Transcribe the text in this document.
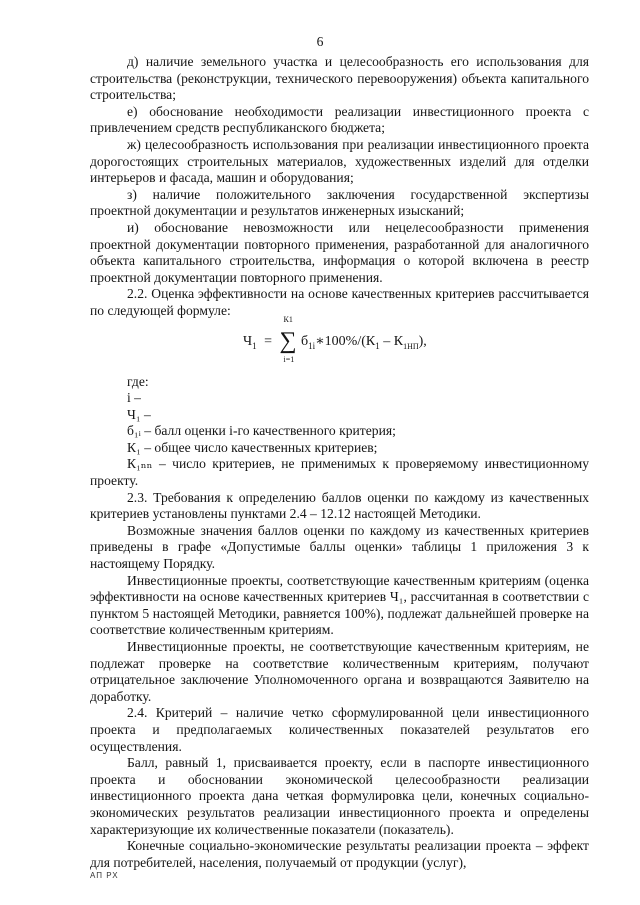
6

д) наличие земельного участка и целесообразность его использования для строительства (реконструкции, технического перевооружения) объекта капитального строительства;

е) обоснование необходимости реализации инвестиционного проекта с привлечением средств республиканского бюджета;

ж) целесообразность использования при реализации инвестиционного проекта дорогостоящих строительных материалов, художественных изделий для отделки интерьеров и фасада, машин и оборудования;

з) наличие положительного заключения государственной экспертизы проектной документации и результатов инженерных изысканий;

и) обоснование невозможности или нецелесообразности применения проектной документации повторного применения, разработанной для аналогичного объекта капитального строительства, информация о которой включена в реестр проектной документации повторного применения.

2.2. Оценка эффективности на основе качественных критериев рассчитывается по следующей формуле:

$Ч_1$ =
К1
∑
i=1
$б_{1i}∗100\%/(К_1 - К_{1НП})$,

где:

i –

Ч₁ –

б₁ᵢ – балл оценки i-го качественного критерия;

К₁ – общее число качественных критериев;

К₁ₙₙ – число критериев, не применимых к проверяемому инвестиционному проекту.

2.3. Требования к определению баллов оценки по каждому из качественных критериев установлены пунктами 2.4 – 12.12 настоящей Методики.

Возможные значения баллов оценки по каждому из качественных критериев приведены в графе «Допустимые баллы оценки» таблицы 1 приложения 3 к настоящему Порядку.

Инвестиционные проекты, соответствующие качественным критериям (оценка эффективности на основе качественных критериев Ч₁, рассчитанная в соответствии с пунктом 5 настоящей Методики, равняется 100%), подлежат дальнейшей проверке на соответствие количественным критериям.

Инвестиционные проекты, не соответствующие качественным критериям, не подлежат проверке на соответствие количественным критериям, получают отрицательное заключение Уполномоченного органа и возвращаются Заявителю на доработку.

2.4. Критерий – наличие четко сформулированной цели инвестиционного проекта и предполагаемых количественных показателей результатов его осуществления.

Балл, равный 1, присваивается проекту, если в паспорте инвестиционного проекта и обосновании экономической целесообразности реализации инвестиционного проекта дана четкая формулировка цели, конечных социально-экономических результатов реализации инвестиционного проекта и определены характеризующие их количественные показатели (показатель).

Конечные социально-экономические результаты реализации проекта – эффект для потребителей, населения, получаемый от продукции (услуг),

АП РХ
